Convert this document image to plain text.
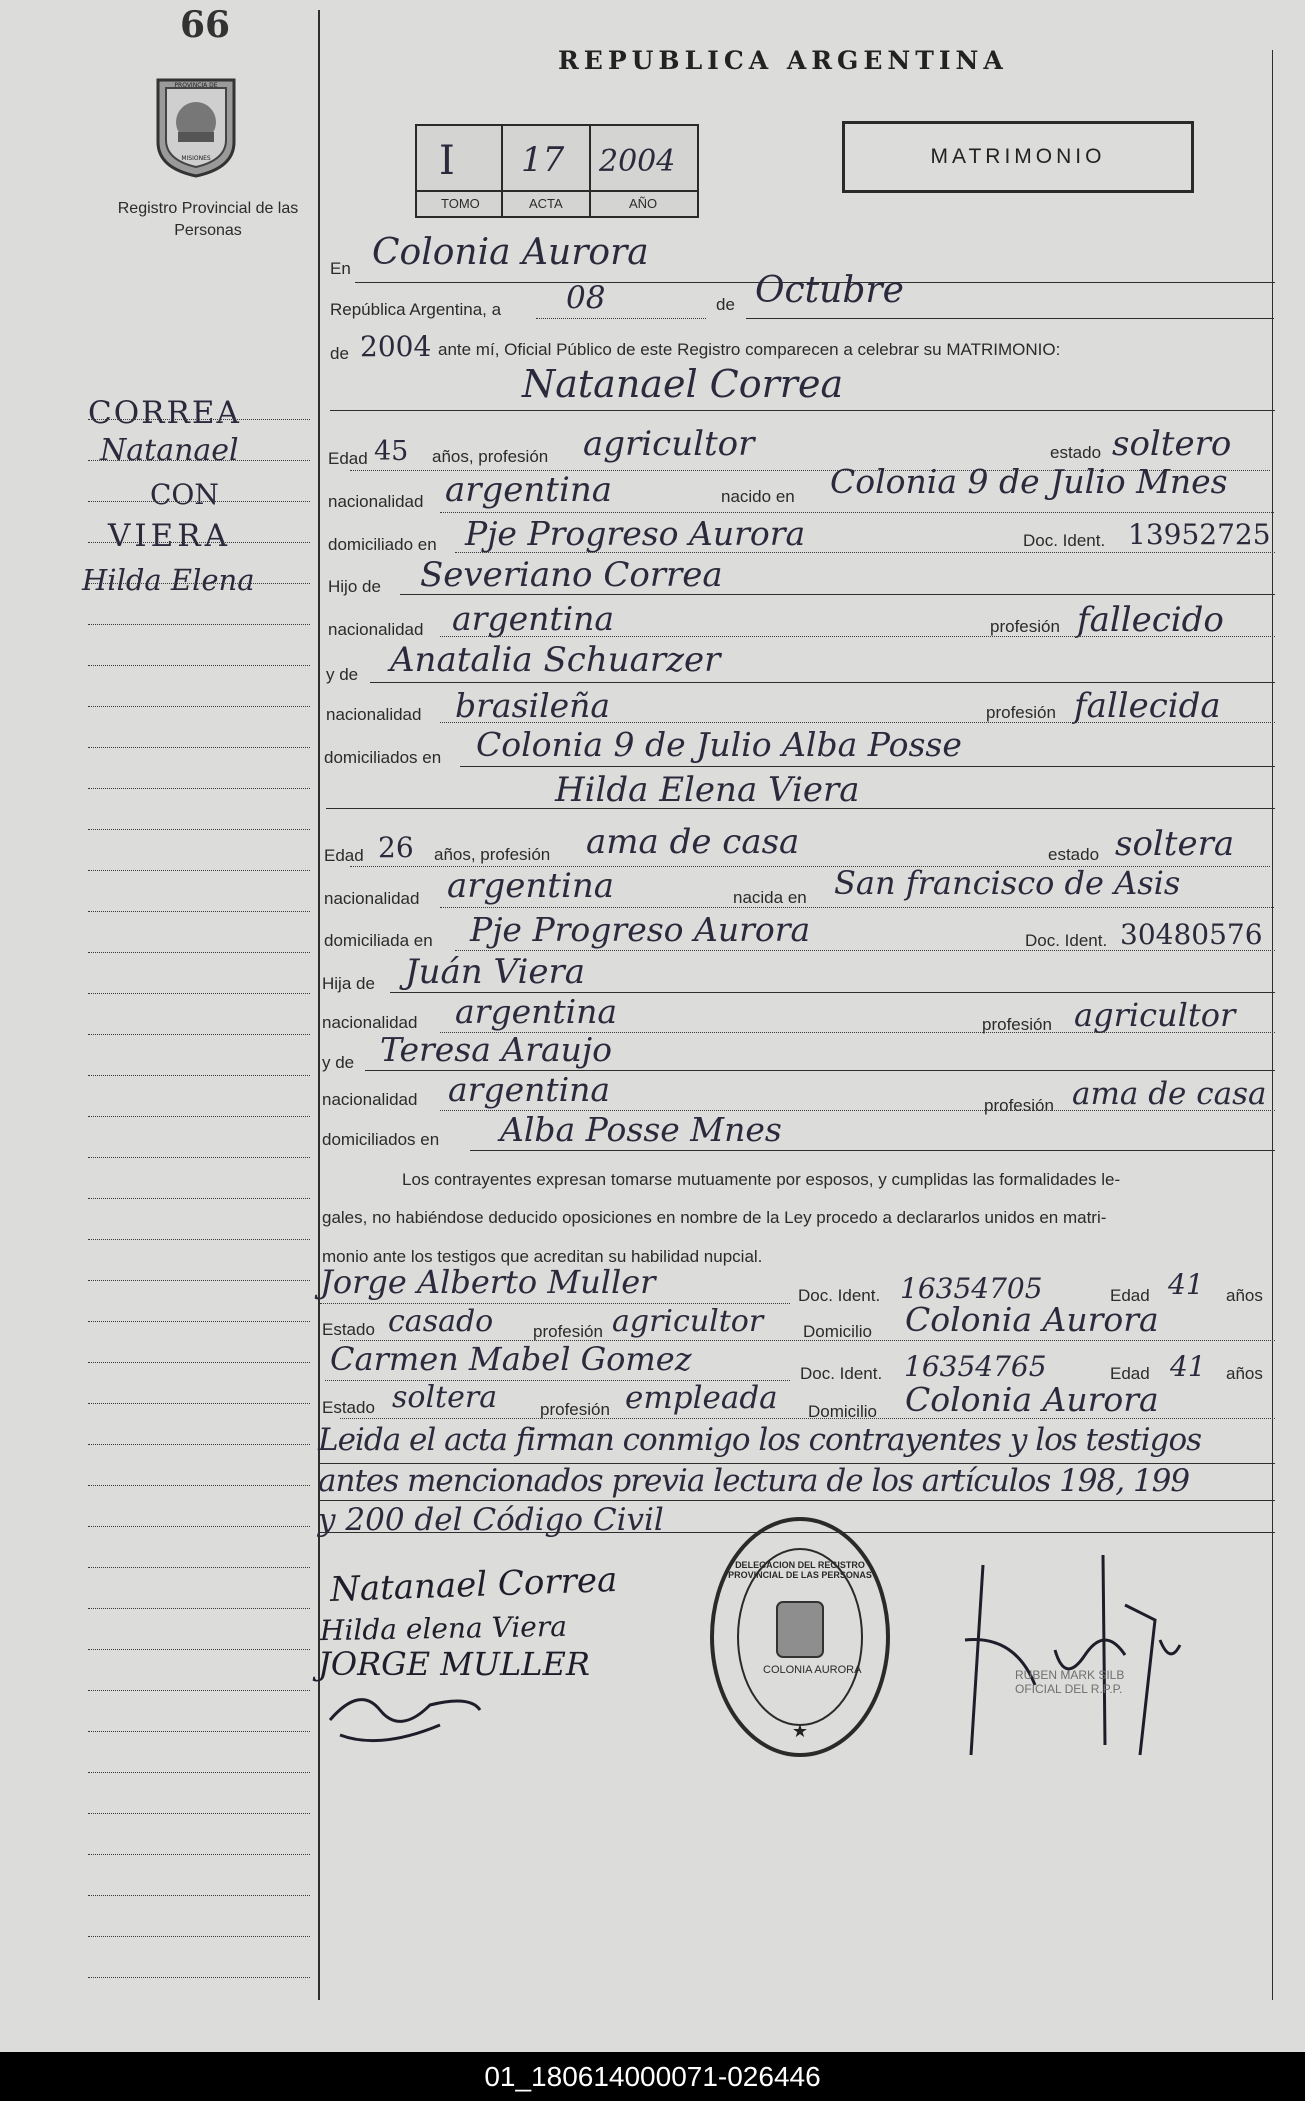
66
PROVINCIA DE
MISIONES
Registro Provincial de las Personas
CORREA
Natanael
CON
VIERA
Hilda Elena
REPUBLICA ARGENTINA
I 17 2004
TOMO	ACTA	AÑO
MATRIMONIO
En Colonia Aurora
República Argentina, a 08	de Octubre
de 2004 ante mí, Oficial Público de este Registro comparecen a celebrar su MATRIMONIO:
Natanael Correa
Edad 45 años, profesión agricultor	estado soltero
nacionalidad argentina	nacido en Colonia 9 de Julio Mnes
domiciliado en Pje Progreso Aurora	Doc. Ident. 13952725
Hijo de Severiano Correa
nacionalidad argentina	profesión fallecido
y de Anatalia Schuarzer
nacionalidad brasileña	profesión fallecida
domiciliados en Colonia 9 de Julio Alba Posse
Hilda Elena Viera
Edad 26 años, profesión ama de casa	estado soltera
nacionalidad argentina	nacida en San francisco de Asis
domiciliada en Pje Progreso Aurora	Doc. Ident. 30480576
Hija de Juán Viera
nacionalidad argentina	profesión agricultor
y de Teresa Araujo
nacionalidad argentina	profesión ama de casa
domiciliados en Alba Posse Mnes
Los contrayentes expresan tomarse mutuamente por esposos, y cumplidas las formalidades le-
gales, no habiéndose deducido oposiciones en nombre de la Ley procedo a declararlos unidos en matri-
monio ante los testigos que acreditan su habilidad nupcial.
Jorge Alberto Muller	Doc. Ident. 16354705	Edad 41 años
Estado casado profesión agricultor Domicilio Colonia Aurora
Carmen Mabel Gomez	Doc. Ident. 16354765	Edad 41 años
Estado soltera	profesión empleada Domicilio Colonia Aurora
Leida el acta firman conmigo los contrayentes y los testigos
antes mencionados previa lectura de los artículos 198, 199
y 200 del Código Civil
Natanael Correa
Hilda elena Viera
JORGE MULLER
★
DELEGACION DEL REGISTRO PROVINCIAL DE LAS PERSONAS
COLONIA AURORA	RUBEN MARK SILB OFICIAL DEL R.P.P.
01_180614000071-026446
